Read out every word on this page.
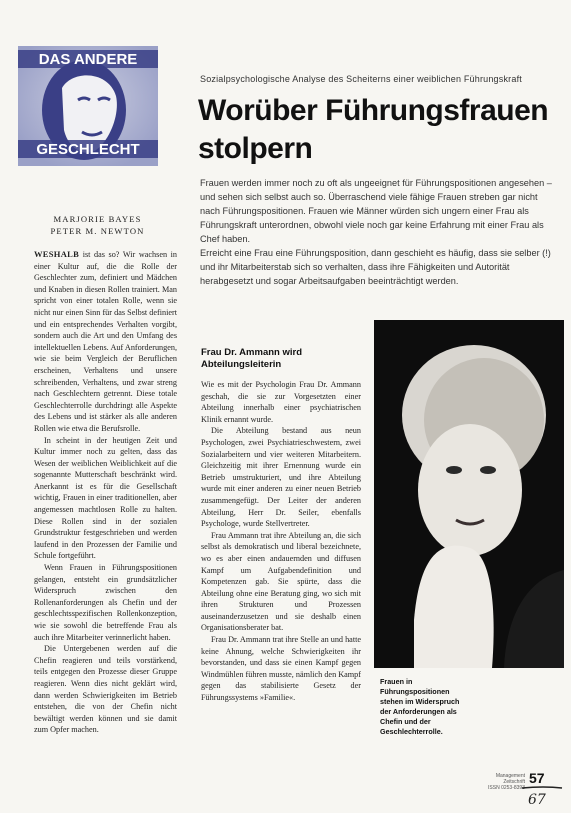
DAS ANDERE
GESCHLECHT
Sozialpsychologische Analyse des Scheiterns einer weiblichen Führungskraft
Worüber Führungsfrauen
stolpern
Frauen werden immer noch zu oft als ungeeignet für Führungspositionen angesehen – und sehen sich selbst auch so. Überraschend viele fähige Frauen streben gar nicht nach Führungspositionen. Frauen wie Männer würden sich ungern einer Frau als Führungskraft unterordnen, obwohl viele noch gar keine Erfahrung mit einer Frau als Chef haben.
Erreicht eine Frau eine Führungsposition, dann geschieht es häufig, dass sie selber (!) und ihr Mitarbeiterstab sich so verhalten, dass ihre Fähigkeiten und Autorität herabgesetzt und sogar Arbeitsaufgaben beeinträchtigt werden.
MARJORIE BAYES
PETER M. NEWTON

WESHALB ist das so? Wir wachsen in einer Kultur auf, die die Rolle der Geschlechter zum, definiert und Mädchen und Knaben in diesen Rollen trainiert. Man spricht von einer totalen Rolle, wenn sie nicht nur einen Sinn für das Selbst definiert und ein entsprechendes Verhalten vorgibt, sondern auch die Art und den Umfang des intellektuellen Lebens. Auf Anforderungen, wie sie beim Vergleich der Beruflichen erscheinen, Verhaltens und unsere schreibenden, Verhaltens, und zwar streng nach Geschlechtern getrennt. Diese totale Geschlechterrolle durchdringt alle Aspekte des Lebens und ist stärker als alle anderen Rollen wie etwa die Berufsrolle.

In scheint in der heutigen Zeit und Kultur immer noch zu gelten, dass das Wesen der weiblichen Weiblichkeit auf die sogenannte Mutterschaft beschränkt wird. Anerkannt ist es für die Gesellschaft wichtig, Frauen in einer traditionellen, aber angemessen machtlosen Rolle zu halten. Diese Rollen sind in der sozialen Grundstruktur festgeschrieben und werden laufend in den Prozessen der Familie und Schule fortgeführt.

Wenn Frauen in Führungspositionen gelangen, entsteht ein grundsätzlicher Widerspruch zwischen den Rollenanforderungen als Chefin und der geschlechtsspezifischen Rollenkonzeption, wie sie sowohl die betreffende Frau als auch ihre Mitarbeiter verinnerlicht haben.

Die Untergebenen werden auf die Chefin reagieren und teils vorstärkend, teils entgegen den Prozesse dieser Gruppe reagieren. Wenn dies nicht geklärt wird, dann werden Schwierigkeiten im Betrieb entstehen, die von der Chefin nicht bewältigt werden können und sie damit zum Opfer machen.

Frau Dr. Ammann wird Abteilungsleiterin

Wie es mit der Psychologin Frau Dr. Ammann geschah, die sie zur Vorgesetzten einer Abteilung innerhalb einer psychiatrischen Klinik ernannt wurde.

Die Abteilung bestand aus neun Psychologen, zwei Psychiatrieschwestern, zwei Sozialarbeitern und vier weiteren Mitarbeitern. Gleichzeitig mit ihrer Ernennung wurde ein Betrieb umstrukturiert, und ihre Abteilung wurde mit einer anderen zu einer neuen Betrieb zusammengefügt. Der Leiter der anderen Abteilung, Herr Dr. Seiler, ebenfalls Psychologe, wurde Stellvertreter.

Frau Ammann trat ihre Abteilung an, die sich selbst als demokratisch und liberal bezeichnete, wo es aber einen andauernden und diffusen Kampf um Aufgabendefinition und Kompetenzen gab. Sie spürte, dass die Abteilung ohne eine Beratung ging, wo sich mit ihren Strukturen und Prozessen auseinanderzusetzen und sie deshalb einen Organisationsberater bat.

Frau Dr. Ammann trat ihre Stelle an und hatte keine Ahnung, welche Schwierigkeiten ihr bevorstanden, und dass sie einen Kampf gegen Windmühlen führen musste, nämlich den Kampf gegen das stabilisierte Gesetz der Führungssystems »Familie«.

Frauen in Führungspositionen stehen im Widerspruch der Anforderungen als Chefin und der Geschlechterrolle.
Management Zeitschrift
ISSN 0253-8393
57
67
